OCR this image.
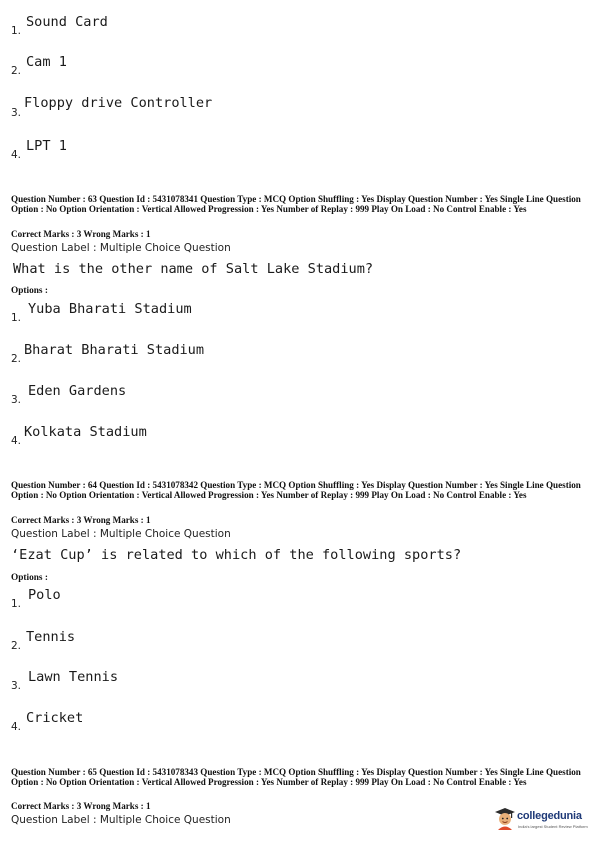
1.
Sound Card
2.
Cam 1
3.
Floppy drive Controller
4.
LPT 1
Question Number : 63 Question Id : 5431078341 Question Type : MCQ Option Shuffling : Yes Display Question Number : Yes Single Line Question Option : No Option Orientation : Vertical Allowed Progression : Yes Number of Replay : 999 Play On Load : No Control Enable : Yes
Correct Marks : 3 Wrong Marks : 1
Question Label : Multiple Choice Question
What is the other name of Salt Lake Stadium?
Options :
1.
Yuba Bharati Stadium
2.
Bharat Bharati Stadium
3.
Eden Gardens
4.
Kolkata Stadium
Question Number : 64 Question Id : 5431078342 Question Type : MCQ Option Shuffling : Yes Display Question Number : Yes Single Line Question Option : No Option Orientation : Vertical Allowed Progression : Yes Number of Replay : 999 Play On Load : No Control Enable : Yes
Correct Marks : 3 Wrong Marks : 1
Question Label : Multiple Choice Question
‘Ezat Cup’ is related to which of the following sports?
Options :
1.
Polo
2.
Tennis
3.
Lawn Tennis
4.
Cricket
Question Number : 65 Question Id : 5431078343 Question Type : MCQ Option Shuffling : Yes Display Question Number : Yes Single Line Question Option : No Option Orientation : Vertical Allowed Progression : Yes Number of Replay : 999 Play On Load : No Control Enable : Yes
Correct Marks : 3 Wrong Marks : 1
Question Label : Multiple Choice Question	collegedunia
India's largest Student Review Platform
